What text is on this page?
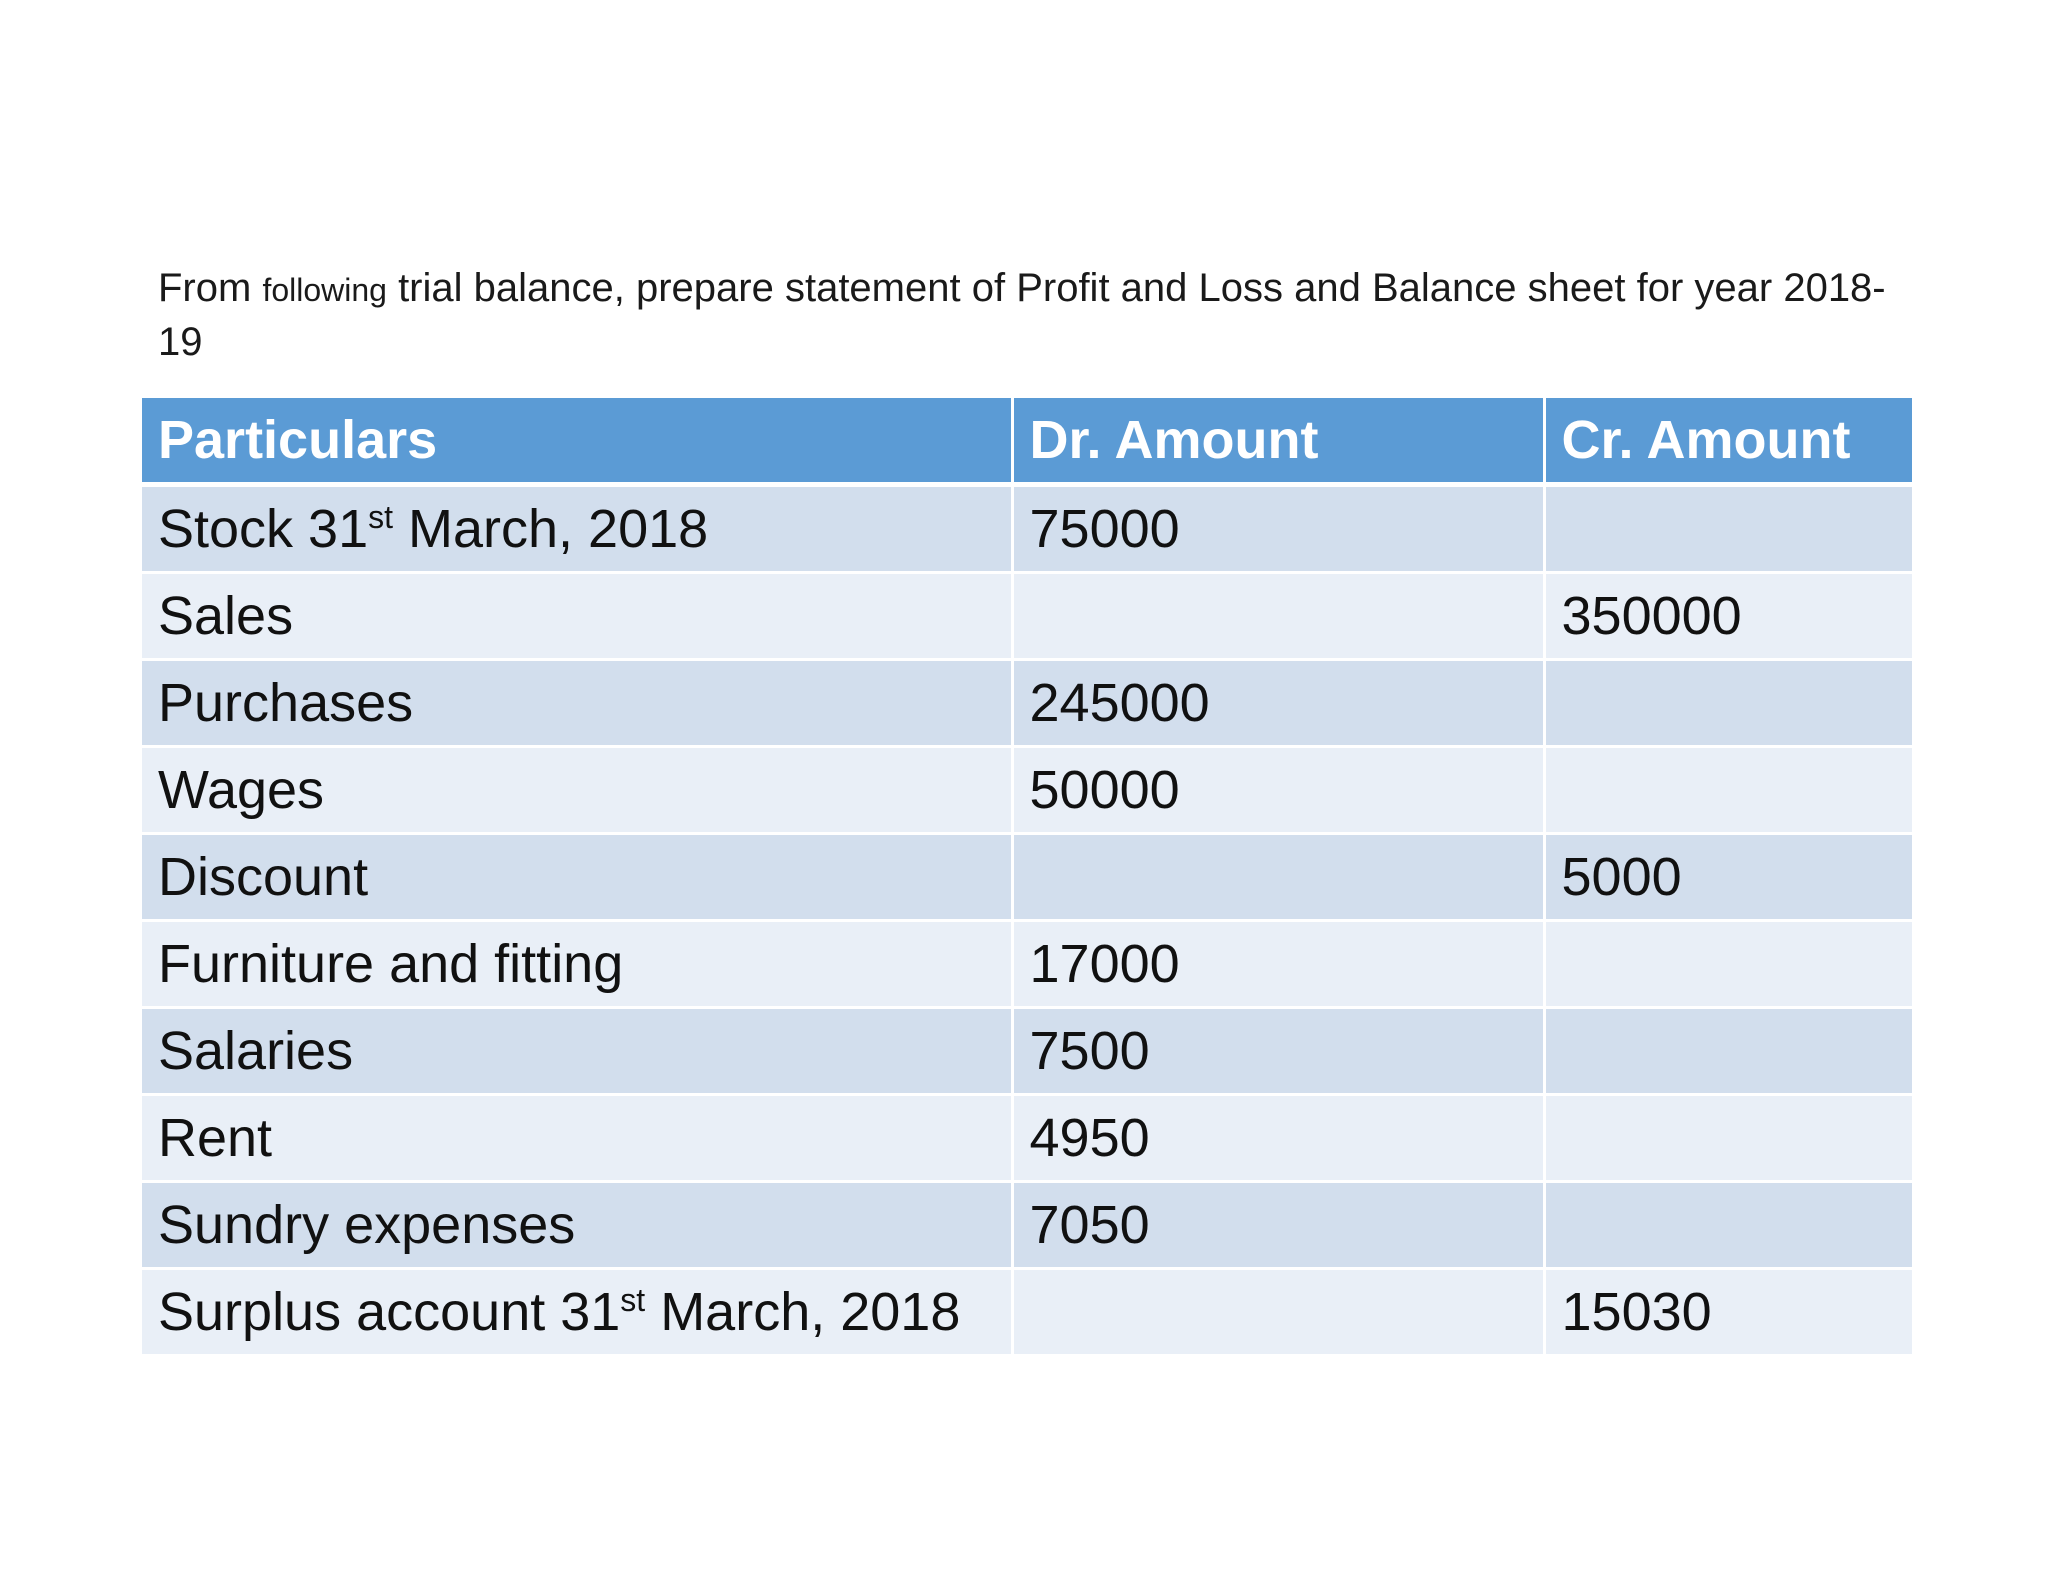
From following trial balance, prepare statement of Profit and Loss and Balance sheet for year 2018-19
Particulars	Dr. Amount	Cr. Amount
Stock 31st March, 2018	75000	
Sales		350000
Purchases	245000	
Wages	50000	
Discount		5000
Furniture and fitting	17000	
Salaries	7500	
Rent	4950	
Sundry expenses	7050	
Surplus account 31st March, 2018		15030
